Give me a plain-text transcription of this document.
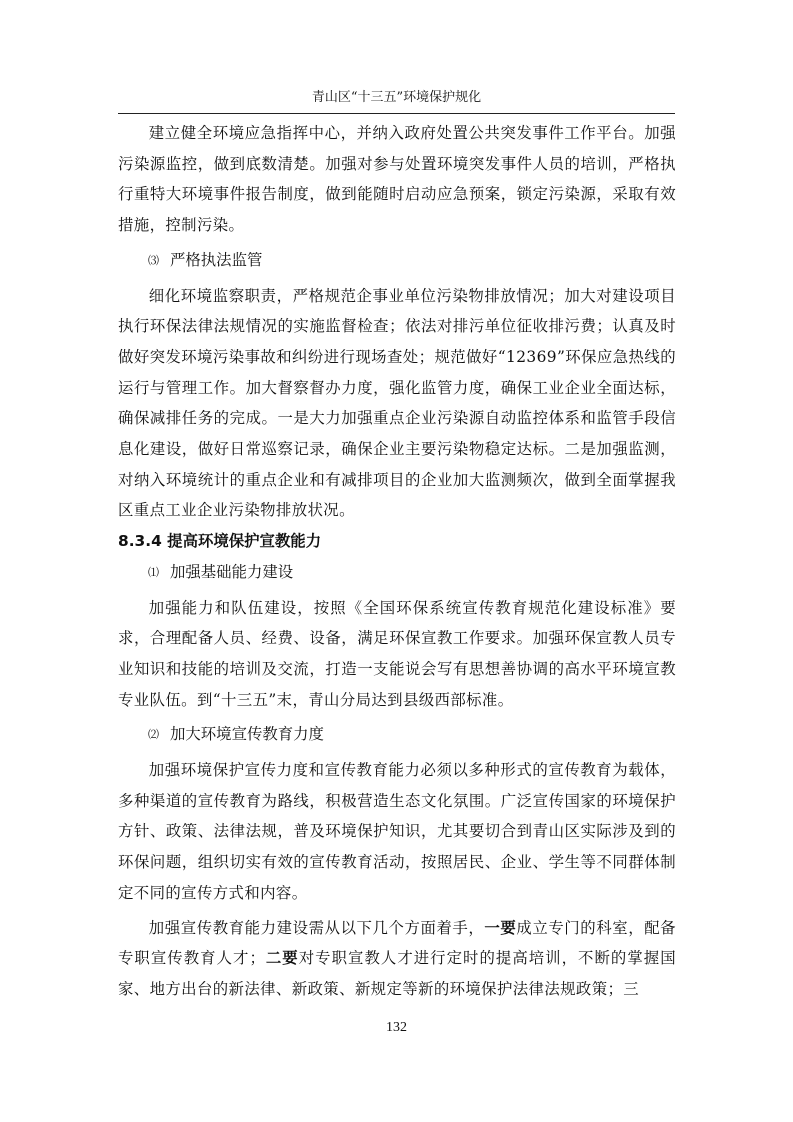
青山区“十三五”环境保护规化

建立健全环境应急指挥中心，并纳入政府处置公共突发事件工作平台。加强污染源监控，做到底数清楚。加强对参与处置环境突发事件人员的培训，严格执行重特大环境事件报告制度，做到能随时启动应急预案，锁定污染源，采取有效措施，控制污染。

⑶ 严格执法监管

细化环境监察职责，严格规范企事业单位污染物排放情况；加大对建设项目执行环保法律法规情况的实施监督检查；依法对排污单位征收排污费；认真及时做好突发环境污染事故和纠纷进行现场查处；规范做好“12369”环保应急热线的运行与管理工作。加大督察督办力度，强化监管力度，确保工业企业全面达标，确保减排任务的完成。一是大力加强重点企业污染源自动监控体系和监管手段信息化建设，做好日常巡察记录，确保企业主要污染物稳定达标。二是加强监测，对纳入环境统计的重点企业和有减排项目的企业加大监测频次，做到全面掌握我区重点工业企业污染物排放状况。

8.3.4 提高环境保护宣教能力

⑴ 加强基础能力建设

加强能力和队伍建设，按照《全国环保系统宣传教育规范化建设标准》要求，合理配备人员、经费、设备，满足环保宣教工作要求。加强环保宣教人员专业知识和技能的培训及交流，打造一支能说会写有思想善协调的高水平环境宣教专业队伍。到“十三五”末，青山分局达到县级西部标准。

⑵ 加大环境宣传教育力度

加强环境保护宣传力度和宣传教育能力必须以多种形式的宣传教育为载体，多种渠道的宣传教育为路线，积极营造生态文化氛围。广泛宣传国家的环境保护方针、政策、法律法规，普及环境保护知识，尤其要切合到青山区实际涉及到的环保问题，组织切实有效的宣传教育活动，按照居民、企业、学生等不同群体制定不同的宣传方式和内容。

加强宣传教育能力建设需从以下几个方面着手，一要成立专门的科室，配备专职宣传教育人才；二要对专职宣教人才进行定时的提高培训，不断的掌握国家、地方出台的新法律、新政策、新规定等新的环境保护法律法规政策；三

132
